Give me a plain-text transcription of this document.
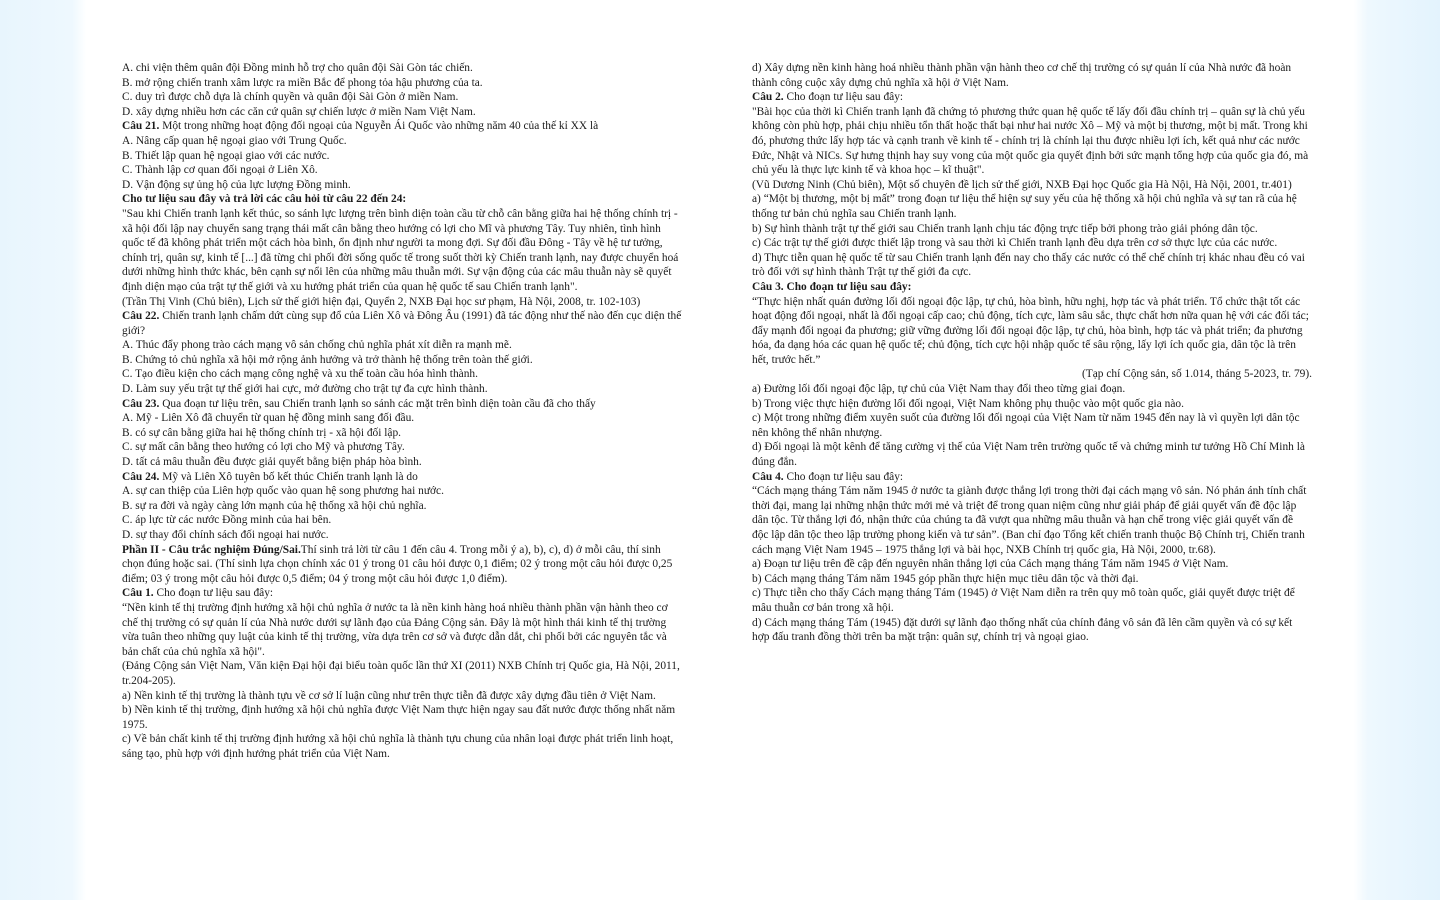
A. chi viện thêm quân đội Đồng minh hỗ trợ cho quân đội Sài Gòn tác chiến.

B. mở rộng chiến tranh xâm lược ra miền Bắc để phong tỏa hậu phương của ta.

C. duy trì được chỗ dựa là chính quyền và quân đội Sài Gòn ở miền Nam.

D. xây dựng nhiều hơn các căn cứ quân sự chiến lược ở miền Nam Việt Nam.

Câu 21. Một trong những hoạt động đối ngoại của Nguyễn Ái Quốc vào những năm 40 của thế kỉ XX là

A. Nâng cấp quan hệ ngoại giao với Trung Quốc.

B. Thiết lập quan hệ ngoại giao với các nước.

C. Thành lập cơ quan đối ngoại ở Liên Xô.

D. Vận động sự ủng hộ của lực lượng Đồng minh.

Cho tư liệu sau đây và trả lời các câu hỏi từ câu 22 đến 24:

"Sau khi Chiến tranh lạnh kết thúc, so sánh lực lượng trên bình diện toàn cầu từ chỗ cân bằng giữa hai hệ thống chính trị - xã hội đối lập nay chuyển sang trạng thái mất cân bằng theo hướng có lợi cho Mĩ và phương Tây. Tuy nhiên, tình hình quốc tế đã không phát triển một cách hòa bình, ổn định như người ta mong đợi. Sự đối đầu Đông - Tây về hệ tư tưởng, chính trị, quân sự, kinh tế [...] đã từng chi phối đời sống quốc tế trong suốt thời kỳ Chiến tranh lạnh, nay được chuyển hoá dưới những hình thức khác, bên cạnh sự nổi lên của những mâu thuẫn mới. Sự vận động của các mâu thuẫn này sẽ quyết định diện mạo của trật tự thế giới và xu hướng phát triển của quan hệ quốc tế sau Chiến tranh lạnh".

(Trần Thị Vinh (Chủ biên), Lịch sử thế giới hiện đại, Quyển 2, NXB Đại học sư phạm, Hà Nội, 2008, tr. 102-103)

Câu 22. Chiến tranh lạnh chấm dứt cùng sụp đổ của Liên Xô và Đông Âu (1991) đã tác động như thế nào đến cục diện thế giới?

A. Thúc đẩy phong trào cách mạng vô sản chống chủ nghĩa phát xít diễn ra mạnh mẽ.

B. Chứng tỏ chủ nghĩa xã hội mở rộng ảnh hưởng và trở thành hệ thống trên toàn thế giới.

C. Tạo điều kiện cho cách mạng công nghệ và xu thế toàn cầu hóa hình thành.

D. Làm suy yếu trật tự thế giới hai cực, mở đường cho trật tự đa cực hình thành.

Câu 23. Qua đoạn tư liệu trên, sau Chiến tranh lạnh so sánh các mặt trên bình diện toàn cầu đã cho thấy

A. Mỹ - Liên Xô đã chuyển từ quan hệ đồng minh sang đối đầu.

B. có sự cân bằng giữa hai hệ thống chính trị - xã hội đối lập.

C. sự mất cân bằng theo hướng có lợi cho Mỹ và phương Tây.

D. tất cả mâu thuẫn đều được giải quyết bằng biện pháp hòa bình.

Câu 24. Mỹ và Liên Xô tuyên bố kết thúc Chiến tranh lạnh là do

A. sự can thiệp của Liên hợp quốc vào quan hệ song phương hai nước.

B. sự ra đời và ngày càng lớn mạnh của hệ thống xã hội chủ nghĩa.

C. áp lực từ các nước Đồng minh của hai bên.

D. sự thay đổi chính sách đối ngoại hai nước.

Phần II - Câu trắc nghiệm Đúng/Sai.Thí sinh trả lời từ câu 1 đến câu 4. Trong mỗi ý a), b), c), d) ở mỗi câu, thí sinh chọn đúng hoặc sai. (Thí sinh lựa chọn chính xác 01 ý trong 01 câu hỏi được 0,1 điểm; 02 ý trong một câu hỏi được 0,25 điểm; 03 ý trong một câu hỏi được 0,5 điểm; 04 ý trong một câu hỏi được 1,0 điểm).

Câu 1. Cho đoạn tư liệu sau đây:

“Nền kinh tế thị trường định hướng xã hội chủ nghĩa ở nước ta là nền kinh hàng hoá nhiều thành phần vận hành theo cơ chế thị trường có sự quản lí của Nhà nước dưới sự lãnh đạo của Đảng Cộng sản. Đây là một hình thái kinh tế thị trường vừa tuân theo những quy luật của kinh tế thị trường, vừa dựa trên cơ sở và được dẫn dắt, chi phối bởi các nguyên tắc và bản chất của chủ nghĩa xã hội".

(Đảng Cộng sản Việt Nam, Văn kiện Đại hội đại biểu toàn quốc lần thứ XI (2011) NXB Chính trị Quốc gia, Hà Nội, 2011, tr.204-205).

a) Nền kinh tế thị trường là thành tựu về cơ sở lí luận cũng như trên thực tiễn đã được xây dựng đầu tiên ở Việt Nam.

b) Nền kinh tế thị trường, định hướng xã hội chủ nghĩa được Việt Nam thực hiện ngay sau đất nước được thống nhất năm 1975.

c) Về bản chất kinh tế thị trường định hướng xã hội chủ nghĩa là thành tựu chung của nhân loại được phát triển linh hoạt, sáng tạo, phù hợp với định hướng phát triển của Việt Nam.

d) Xây dựng nền kinh hàng hoá nhiều thành phần vận hành theo cơ chế thị trường có sự quản lí của Nhà nước đã hoàn thành công cuộc xây dựng chủ nghĩa xã hội ở Việt Nam.

Câu 2. Cho đoạn tư liệu sau đây:

"Bài học của thời kì Chiến tranh lạnh đã chứng tỏ phương thức quan hệ quốc tế lấy đối đầu chính trị – quân sự là chủ yếu không còn phù hợp, phải chịu nhiều tổn thất hoặc thất bại như hai nước Xô – Mỹ và một bị thương, một bị mất. Trong khi đó, phương thức lấy hợp tác và cạnh tranh về kinh tế - chính trị là chính lại thu được nhiều lợi ích, kết quả như các nước Đức, Nhật và NICs. Sự hưng thịnh hay suy vong của một quốc gia quyết định bởi sức mạnh tổng hợp của quốc gia đó, mà chủ yếu là thực lực kinh tế và khoa học – kĩ thuật".

(Vũ Dương Ninh (Chủ biên), Một số chuyên đề lịch sử thế giới, NXB Đại học Quốc gia Hà Nội, Hà Nội, 2001, tr.401)

a) “Một bị thương, một bị mất” trong đoạn tư liệu thể hiện sự suy yếu của hệ thống xã hội chủ nghĩa và sự tan rã của hệ thống tư bản chủ nghĩa sau Chiến tranh lạnh.

b) Sự hình thành trật tự thế giới sau Chiến tranh lạnh chịu tác động trực tiếp bởi phong trào giải phóng dân tộc.

c) Các trật tự thế giới được thiết lập trong và sau thời kì Chiến tranh lạnh đều dựa trên cơ sở thực lực của các nước.

d) Thực tiễn quan hệ quốc tế từ sau Chiến tranh lạnh đến nay cho thấy các nước có thể chế chính trị khác nhau đều có vai trò đối với sự hình thành Trật tự thế giới đa cực.

Câu 3. Cho đoạn tư liệu sau đây:

“Thực hiện nhất quán đường lối đối ngoại độc lập, tự chủ, hòa bình, hữu nghị, hợp tác và phát triển. Tổ chức thật tốt các hoạt động đối ngoại, nhất là đối ngoại cấp cao; chủ động, tích cực, làm sâu sắc, thực chất hơn nữa quan hệ với các đối tác; đẩy mạnh đối ngoại đa phương; giữ vững đường lối đối ngoại độc lập, tự chủ, hòa bình, hợp tác và phát triển; đa phương hóa, đa dạng hóa các quan hệ quốc tế; chủ động, tích cực hội nhập quốc tế sâu rộng, lấy lợi ích quốc gia, dân tộc là trên hết, trước hết.”

(Tạp chí Cộng sản, số 1.014, tháng 5-2023, tr. 79).

a) Đường lối đối ngoại độc lập, tự chủ của Việt Nam thay đổi theo từng giai đoạn.

b) Trong việc thực hiện đường lối đối ngoại, Việt Nam không phụ thuộc vào một quốc gia nào.

c) Một trong những điểm xuyên suốt của đường lối đối ngoại của Việt Nam từ năm 1945 đến nay là vì quyền lợi dân tộc nên không thể nhân nhượng.

d) Đối ngoại là một kênh để tăng cường vị thế của Việt Nam trên trường quốc tế và chứng minh tư tưởng Hồ Chí Minh là đúng đắn.

Câu 4. Cho đoạn tư liệu sau đây:

“Cách mạng tháng Tám năm 1945 ở nước ta giành được thắng lợi trong thời đại cách mạng vô sản. Nó phản ánh tính chất thời đại, mang lại những nhận thức mới mẻ và triệt để trong quan niệm cũng như giải pháp để giải quyết vấn đề độc lập dân tộc. Từ thắng lợi đó, nhận thức của chúng ta đã vượt qua những mâu thuẫn và hạn chế trong việc giải quyết vấn đề độc lập dân tộc theo lập trường phong kiến và tư sản”. (Ban chỉ đạo Tổng kết chiến tranh thuộc Bộ Chính trị, Chiến tranh cách mạng Việt Nam 1945 – 1975 thắng lợi và bài học, NXB Chính trị quốc gia, Hà Nội, 2000, tr.68).

a) Đoạn tư liệu trên đề cập đến nguyên nhân thắng lợi của Cách mạng tháng Tám năm 1945 ở Việt Nam.

b) Cách mạng tháng Tám năm 1945 góp phần thực hiện mục tiêu dân tộc và thời đại.

c) Thực tiễn cho thấy Cách mạng tháng Tám (1945) ở Việt Nam diễn ra trên quy mô toàn quốc, giải quyết được triệt để mâu thuẫn cơ bản trong xã hội.

d) Cách mạng tháng Tám (1945) đặt dưới sự lãnh đạo thống nhất của chính đảng vô sản đã lên cầm quyền và có sự kết hợp đấu tranh đồng thời trên ba mặt trận: quân sự, chính trị và ngoại giao.
